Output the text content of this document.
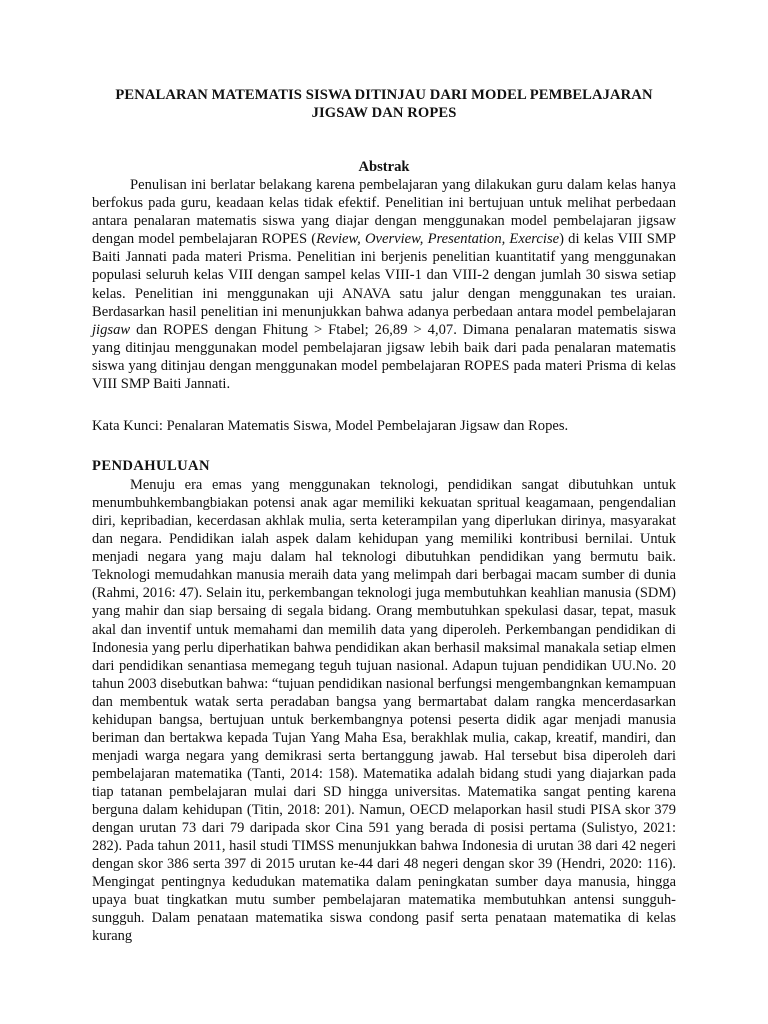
PENALARAN MATEMATIS SISWA DITINJAU DARI MODEL PEMBELAJARAN JIGSAW DAN ROPES
Abstrak

Penulisan ini berlatar belakang karena pembelajaran yang dilakukan guru dalam kelas hanya berfokus pada guru, keadaan kelas tidak efektif. Penelitian ini bertujuan untuk melihat perbedaan antara penalaran matematis siswa yang diajar dengan menggunakan model pembelajaran jigsaw dengan model pembelajaran ROPES (Review, Overview, Presentation, Exercise) di kelas VIII SMP Baiti Jannati pada materi Prisma. Penelitian ini berjenis penelitian kuantitatif yang menggunakan populasi seluruh kelas VIII dengan sampel kelas VIII-1 dan VIII-2 dengan jumlah 30 siswa setiap kelas. Penelitian ini menggunakan uji ANAVA satu jalur dengan menggunakan tes uraian. Berdasarkan hasil penelitian ini menunjukkan bahwa adanya perbedaan antara model pembelajaran jigsaw dan ROPES dengan Fhitung > Ftabel; 26,89 > 4,07. Dimana penalaran matematis siswa yang ditinjau menggunakan model pembelajaran jigsaw lebih baik dari pada penalaran matematis siswa yang ditinjau dengan menggunakan model pembelajaran ROPES pada materi Prisma di kelas VIII SMP Baiti Jannati.

Kata Kunci: Penalaran Matematis Siswa, Model Pembelajaran Jigsaw dan Ropes.
PENDAHULUAN

Menuju era emas yang menggunakan teknologi, pendidikan sangat dibutuhkan untuk menumbuhkembangbiakan potensi anak agar memiliki kekuatan spritual keagamaan, pengendalian diri, kepribadian, kecerdasan akhlak mulia, serta keterampilan yang diperlukan dirinya, masyarakat dan negara. Pendidikan ialah aspek dalam kehidupan yang memiliki kontribusi bernilai. Untuk menjadi negara yang maju dalam hal teknologi dibutuhkan pendidikan yang bermutu baik. Teknologi memudahkan manusia meraih data yang melimpah dari berbagai macam sumber di dunia (Rahmi, 2016: 47). Selain itu, perkembangan teknologi juga membutuhkan keahlian manusia (SDM) yang mahir dan siap bersaing di segala bidang. Orang membutuhkan spekulasi dasar, tepat, masuk akal dan inventif untuk memahami dan memilih data yang diperoleh. Perkembangan pendidikan di Indonesia yang perlu diperhatikan bahwa pendidikan akan berhasil maksimal manakala setiap elmen dari pendidikan senantiasa memegang teguh tujuan nasional. Adapun tujuan pendidikan UU.No. 20 tahun 2003 disebutkan bahwa: “tujuan pendidikan nasional berfungsi mengembangnkan kemampuan dan membentuk watak serta peradaban bangsa yang bermartabat dalam rangka mencerdasarkan kehidupan bangsa, bertujuan untuk berkembangnya potensi peserta didik agar menjadi manusia beriman dan bertakwa kepada Tujan Yang Maha Esa, berakhlak mulia, cakap, kreatif, mandiri, dan menjadi warga negara yang demikrasi serta bertanggung jawab. Hal tersebut bisa diperoleh dari pembelajaran matematika (Tanti, 2014: 158). Matematika adalah bidang studi yang diajarkan pada tiap tatanan pembelajaran mulai dari SD hingga universitas. Matematika sangat penting karena berguna dalam kehidupan (Titin, 2018: 201). Namun, OECD melaporkan hasil studi PISA skor 379 dengan urutan 73 dari 79 daripada skor Cina 591 yang berada di posisi pertama (Sulistyo, 2021: 282). Pada tahun 2011, hasil studi TIMSS menunjukkan bahwa Indonesia di urutan 38 dari 42 negeri dengan skor 386 serta 397 di 2015 urutan ke-44 dari 48 negeri dengan skor 39 (Hendri, 2020: 116). Mengingat pentingnya kedudukan matematika dalam peningkatan sumber daya manusia, hingga upaya buat tingkatkan mutu sumber pembelajaran matematika membutuhkan antensi sungguh-sungguh. Dalam penataan matematika siswa condong pasif serta penataan matematika di kelas kurang
